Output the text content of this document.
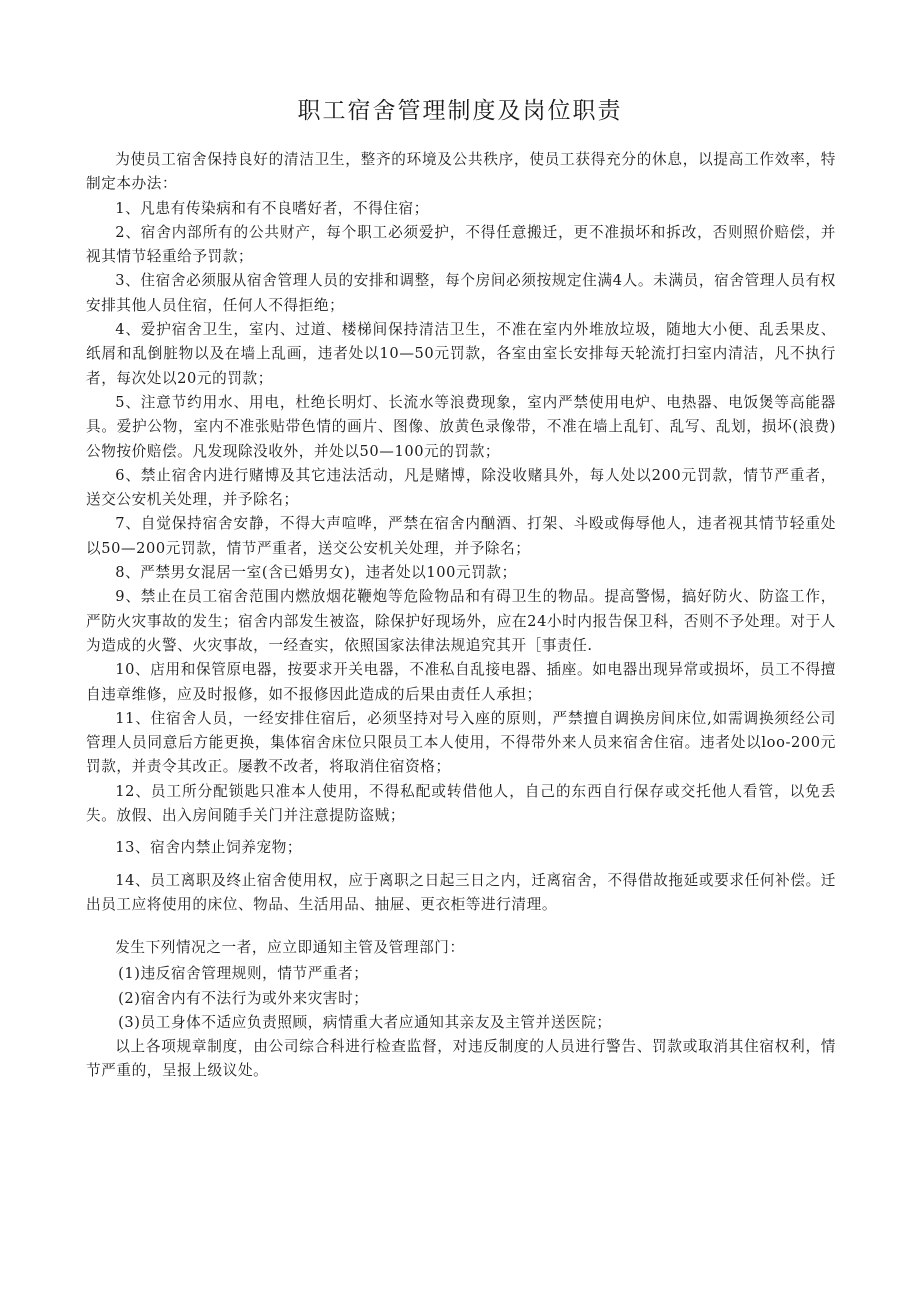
职工宿舍管理制度及岗位职责

为使员工宿舍保持良好的清洁卫生，整齐的环境及公共秩序，使员工获得充分的休息，以提高工作效率，特制定本办法：

1、凡患有传染病和有不良嗜好者，不得住宿；

2、宿舍内部所有的公共财产，每个职工必须爱护，不得任意搬迁，更不准损坏和拆改，否则照价赔偿，并视其情节轻重给予罚款；

3、住宿舍必须服从宿舍管理人员的安排和调整，每个房间必须按规定住满4人。未满员，宿舍管理人员有权安排其他人员住宿，任何人不得拒绝；

4、爱护宿舍卫生，室内、过道、楼梯间保持清洁卫生，不准在室内外堆放垃圾，随地大小便、乱丢果皮、纸屑和乱倒脏物以及在墙上乱画，违者处以10—50元罚款，各室由室长安排每天轮流打扫室内清洁，凡不执行者，每次处以20元的罚款；

5、注意节约用水、用电，杜绝长明灯、长流水等浪费现象，室内严禁使用电炉、电热器、电饭煲等高能器具。爱护公物，室内不准张贴带色情的画片、图像、放黄色录像带，不准在墙上乱钉、乱写、乱划，损坏(浪费)公物按价赔偿。凡发现除没收外，并处以50—100元的罚款；

6、禁止宿舍内进行赌博及其它违法活动，凡是赌博，除没收赌具外，每人处以200元罚款，情节严重者，送交公安机关处理，并予除名；

7、自觉保持宿舍安静，不得大声喧哗，严禁在宿舍内酗酒、打架、斗殴或侮辱他人，违者视其情节轻重处以50—200元罚款，情节严重者，送交公安机关处理，并予除名；

8、严禁男女混居一室(含已婚男女)，违者处以100元罚款；

9、禁止在员工宿舍范围内燃放烟花鞭炮等危险物品和有碍卫生的物品。提高警惕，搞好防火、防盗工作，严防火灾事故的发生；宿舍内部发生被盗，除保护好现场外，应在24小时内报告保卫科，否则不予处理。对于人为造成的火警、火灾事故，一经查实，依照国家法律法规追究其开［事责任.

10、店用和保管原电器，按要求开关电器，不准私自乱接电器、插座。如电器出现异常或损坏，员工不得擅自违章维修，应及时报修，如不报修因此造成的后果由责任人承担；

11、住宿舍人员，一经安排住宿后，必须坚持对号入座的原则，严禁擅自调换房间床位,如需调换须经公司管理人员同意后方能更换，集体宿舍床位只限员工本人使用，不得带外来人员来宿舍住宿。违者处以loo-200元罚款，并责令其改正。屡教不改者，将取消住宿资格；

12、员工所分配锁匙只准本人使用，不得私配或转借他人，自己的东西自行保存或交托他人看管，以免丢失。放假、出入房间随手关门并注意提防盗贼；

13、宿舍内禁止饲养宠物；

14、员工离职及终止宿舍使用权，应于离职之日起三日之内，迁离宿舍，不得借故拖延或要求任何补偿。迁出员工应将使用的床位、物品、生活用品、抽屉、更衣柜等进行清理。

发生下列情况之一者，应立即通知主管及管理部门：

(1)违反宿舍管理规则，情节严重者；

(2)宿舍内有不法行为或外来灾害时；

(3)员工身体不适应负责照顾，病情重大者应通知其亲友及主管并送医院；

以上各项规章制度，由公司综合科进行检查监督，对违反制度的人员进行警告、罚款或取消其住宿权利，情节严重的，呈报上级议处。
